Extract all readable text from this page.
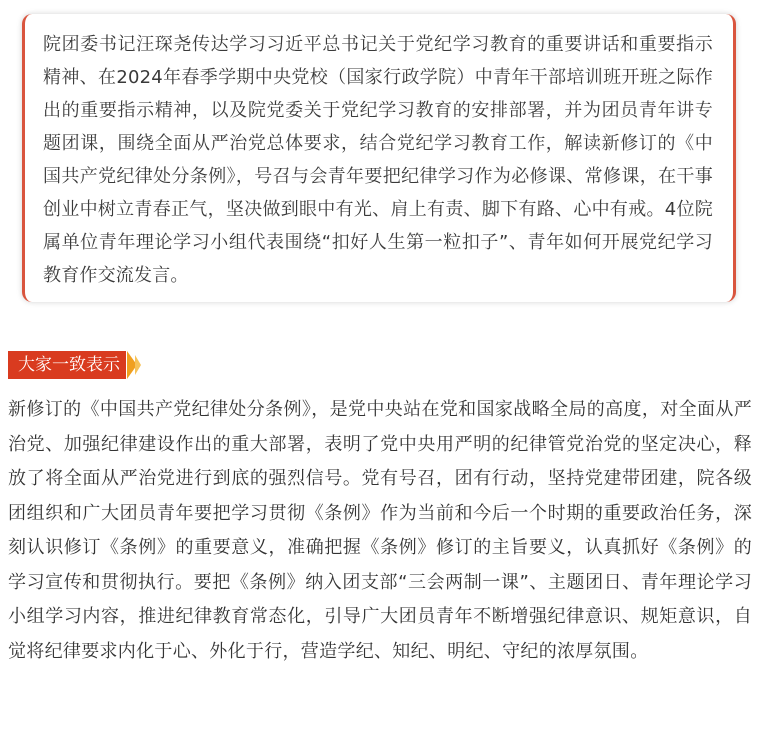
院团委书记汪琛尧传达学习习近平总书记关于党纪学习教育的重要讲话和重要指示精神、在2024年春季学期中央党校（国家行政学院）中青年干部培训班开班之际作出的重要指示精神，以及院党委关于党纪学习教育的安排部署，并为团员青年讲专题团课，围绕全面从严治党总体要求，结合党纪学习教育工作，解读新修订的《中国共产党纪律处分条例》，号召与会青年要把纪律学习作为必修课、常修课，在干事创业中树立青春正气，坚决做到眼中有光、肩上有责、脚下有路、心中有戒。4位院属单位青年理论学习小组代表围绕“扣好人生第一粒扣子”、青年如何开展党纪学习教育作交流发言。

大家一致表示

新修订的《中国共产党纪律处分条例》，是党中央站在党和国家战略全局的高度，对全面从严治党、加强纪律建设作出的重大部署，表明了党中央用严明的纪律管党治党的坚定决心，释放了将全面从严治党进行到底的强烈信号。党有号召，团有行动，坚持党建带团建，院各级团组织和广大团员青年要把学习贯彻《条例》作为当前和今后一个时期的重要政治任务，深刻认识修订《条例》的重要意义，准确把握《条例》修订的主旨要义，认真抓好《条例》的学习宣传和贯彻执行。要把《条例》纳入团支部“三会两制一课”、主题团日、青年理论学习小组学习内容，推进纪律教育常态化，引导广大团员青年不断增强纪律意识、规矩意识，自觉将纪律要求内化于心、外化于行，营造学纪、知纪、明纪、守纪的浓厚氛围。
